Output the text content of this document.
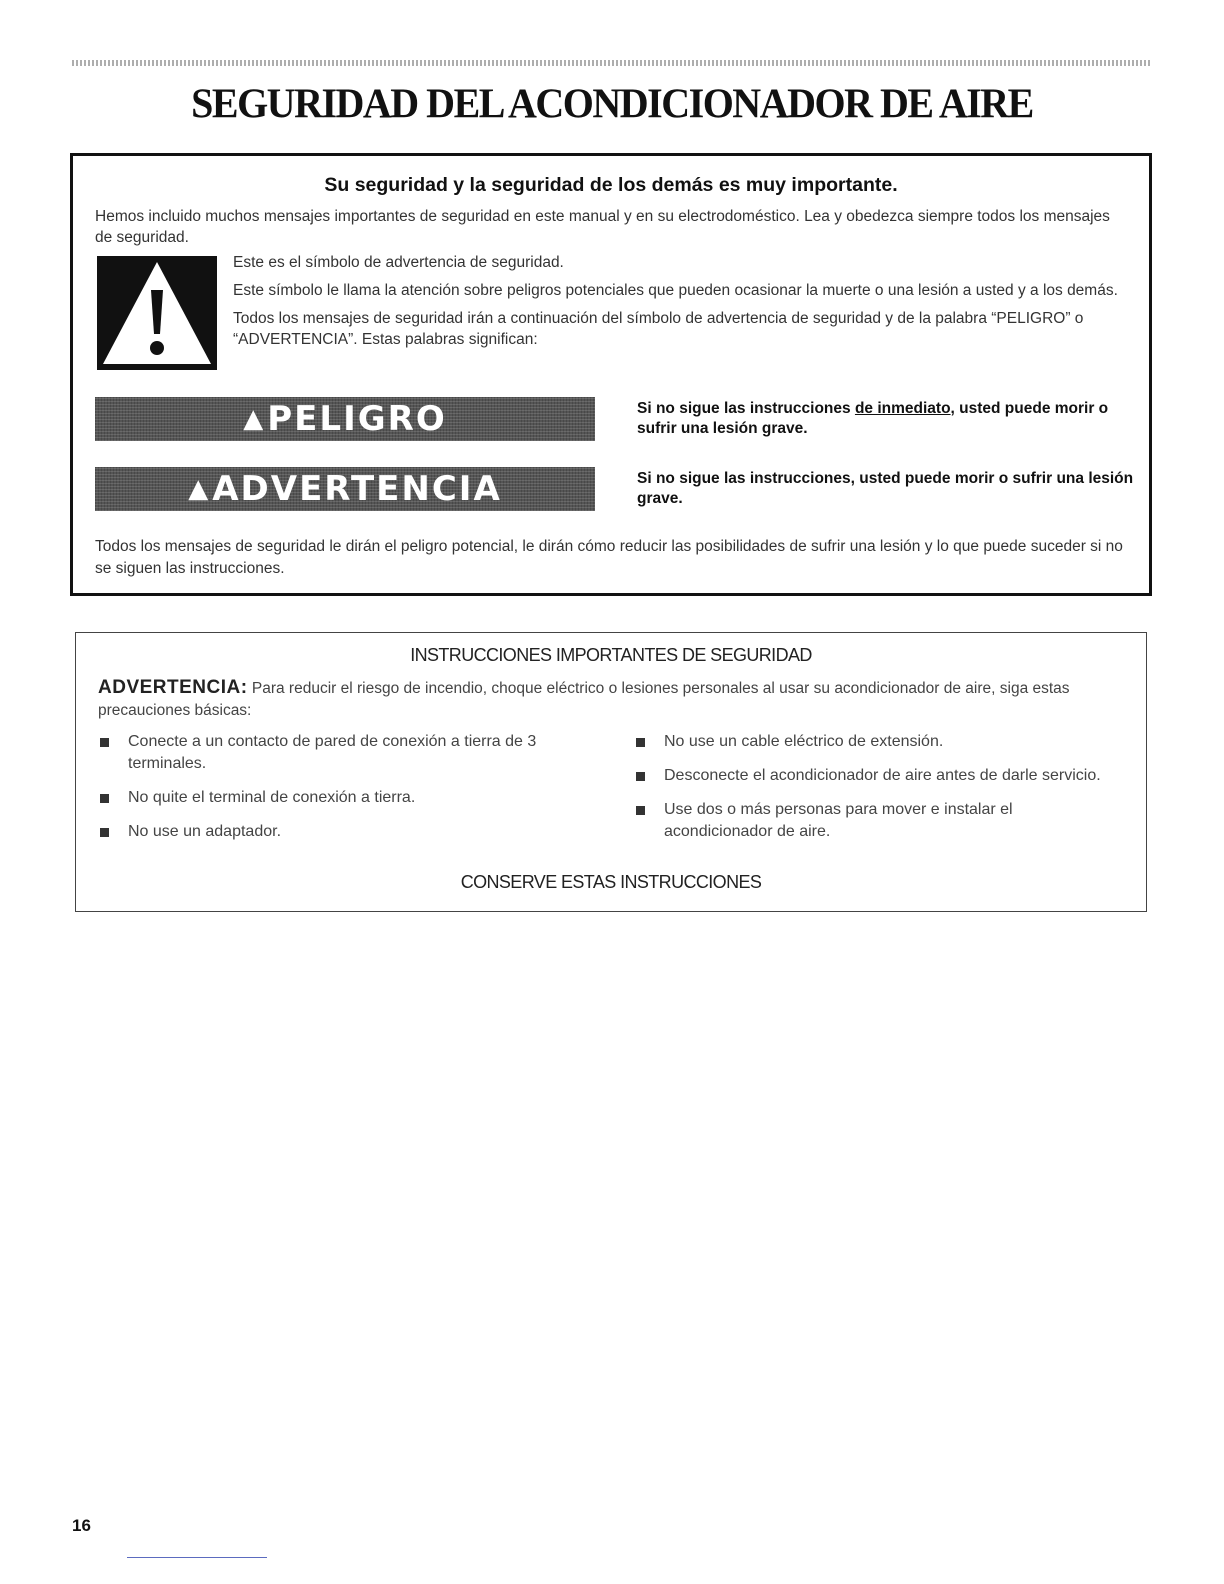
SEGURIDAD DEL ACONDICIONADOR DE AIRE
Su seguridad y la seguridad de los demás es muy importante.
Hemos incluido muchos mensajes importantes de seguridad en este manual y en su electrodoméstico. Lea y obedezca siempre todos los mensajes de seguridad.

Este es el símbolo de advertencia de seguridad.

Este símbolo le llama la atención sobre peligros potenciales que pueden ocasionar la muerte o una lesión a usted y a los demás.

Todos los mensajes de seguridad irán a continuación del símbolo de advertencia de seguridad y de la palabra “PELIGRO” o “ADVERTENCIA”. Estas palabras significan:

▲ PELIGRO	Si no sigue las instrucciones de inmediato, usted puede morir o sufrir una lesión grave.
▲ ADVERTENCIA	Si no sigue las instrucciones, usted puede morir o sufrir una lesión grave.
Todos los mensajes de seguridad le dirán el peligro potencial, le dirán cómo reducir las posibilidades de sufrir una lesión y lo que puede suceder si no se siguen las instrucciones.
INSTRUCCIONES IMPORTANTES DE SEGURIDAD
ADVERTENCIA: Para reducir el riesgo de incendio, choque eléctrico o lesiones personales al usar su acondicionador de aire, siga estas precauciones básicas:
Conecte a un contacto de pared de conexión a tierra de 3 terminales.
No quite el terminal de conexión a tierra.
No use un adaptador.
No use un cable eléctrico de extensión.
Desconecte el acondicionador de aire antes de darle servicio.
Use dos o más personas para mover e instalar el acondicionador de aire.
CONSERVE ESTAS INSTRUCCIONES
16
